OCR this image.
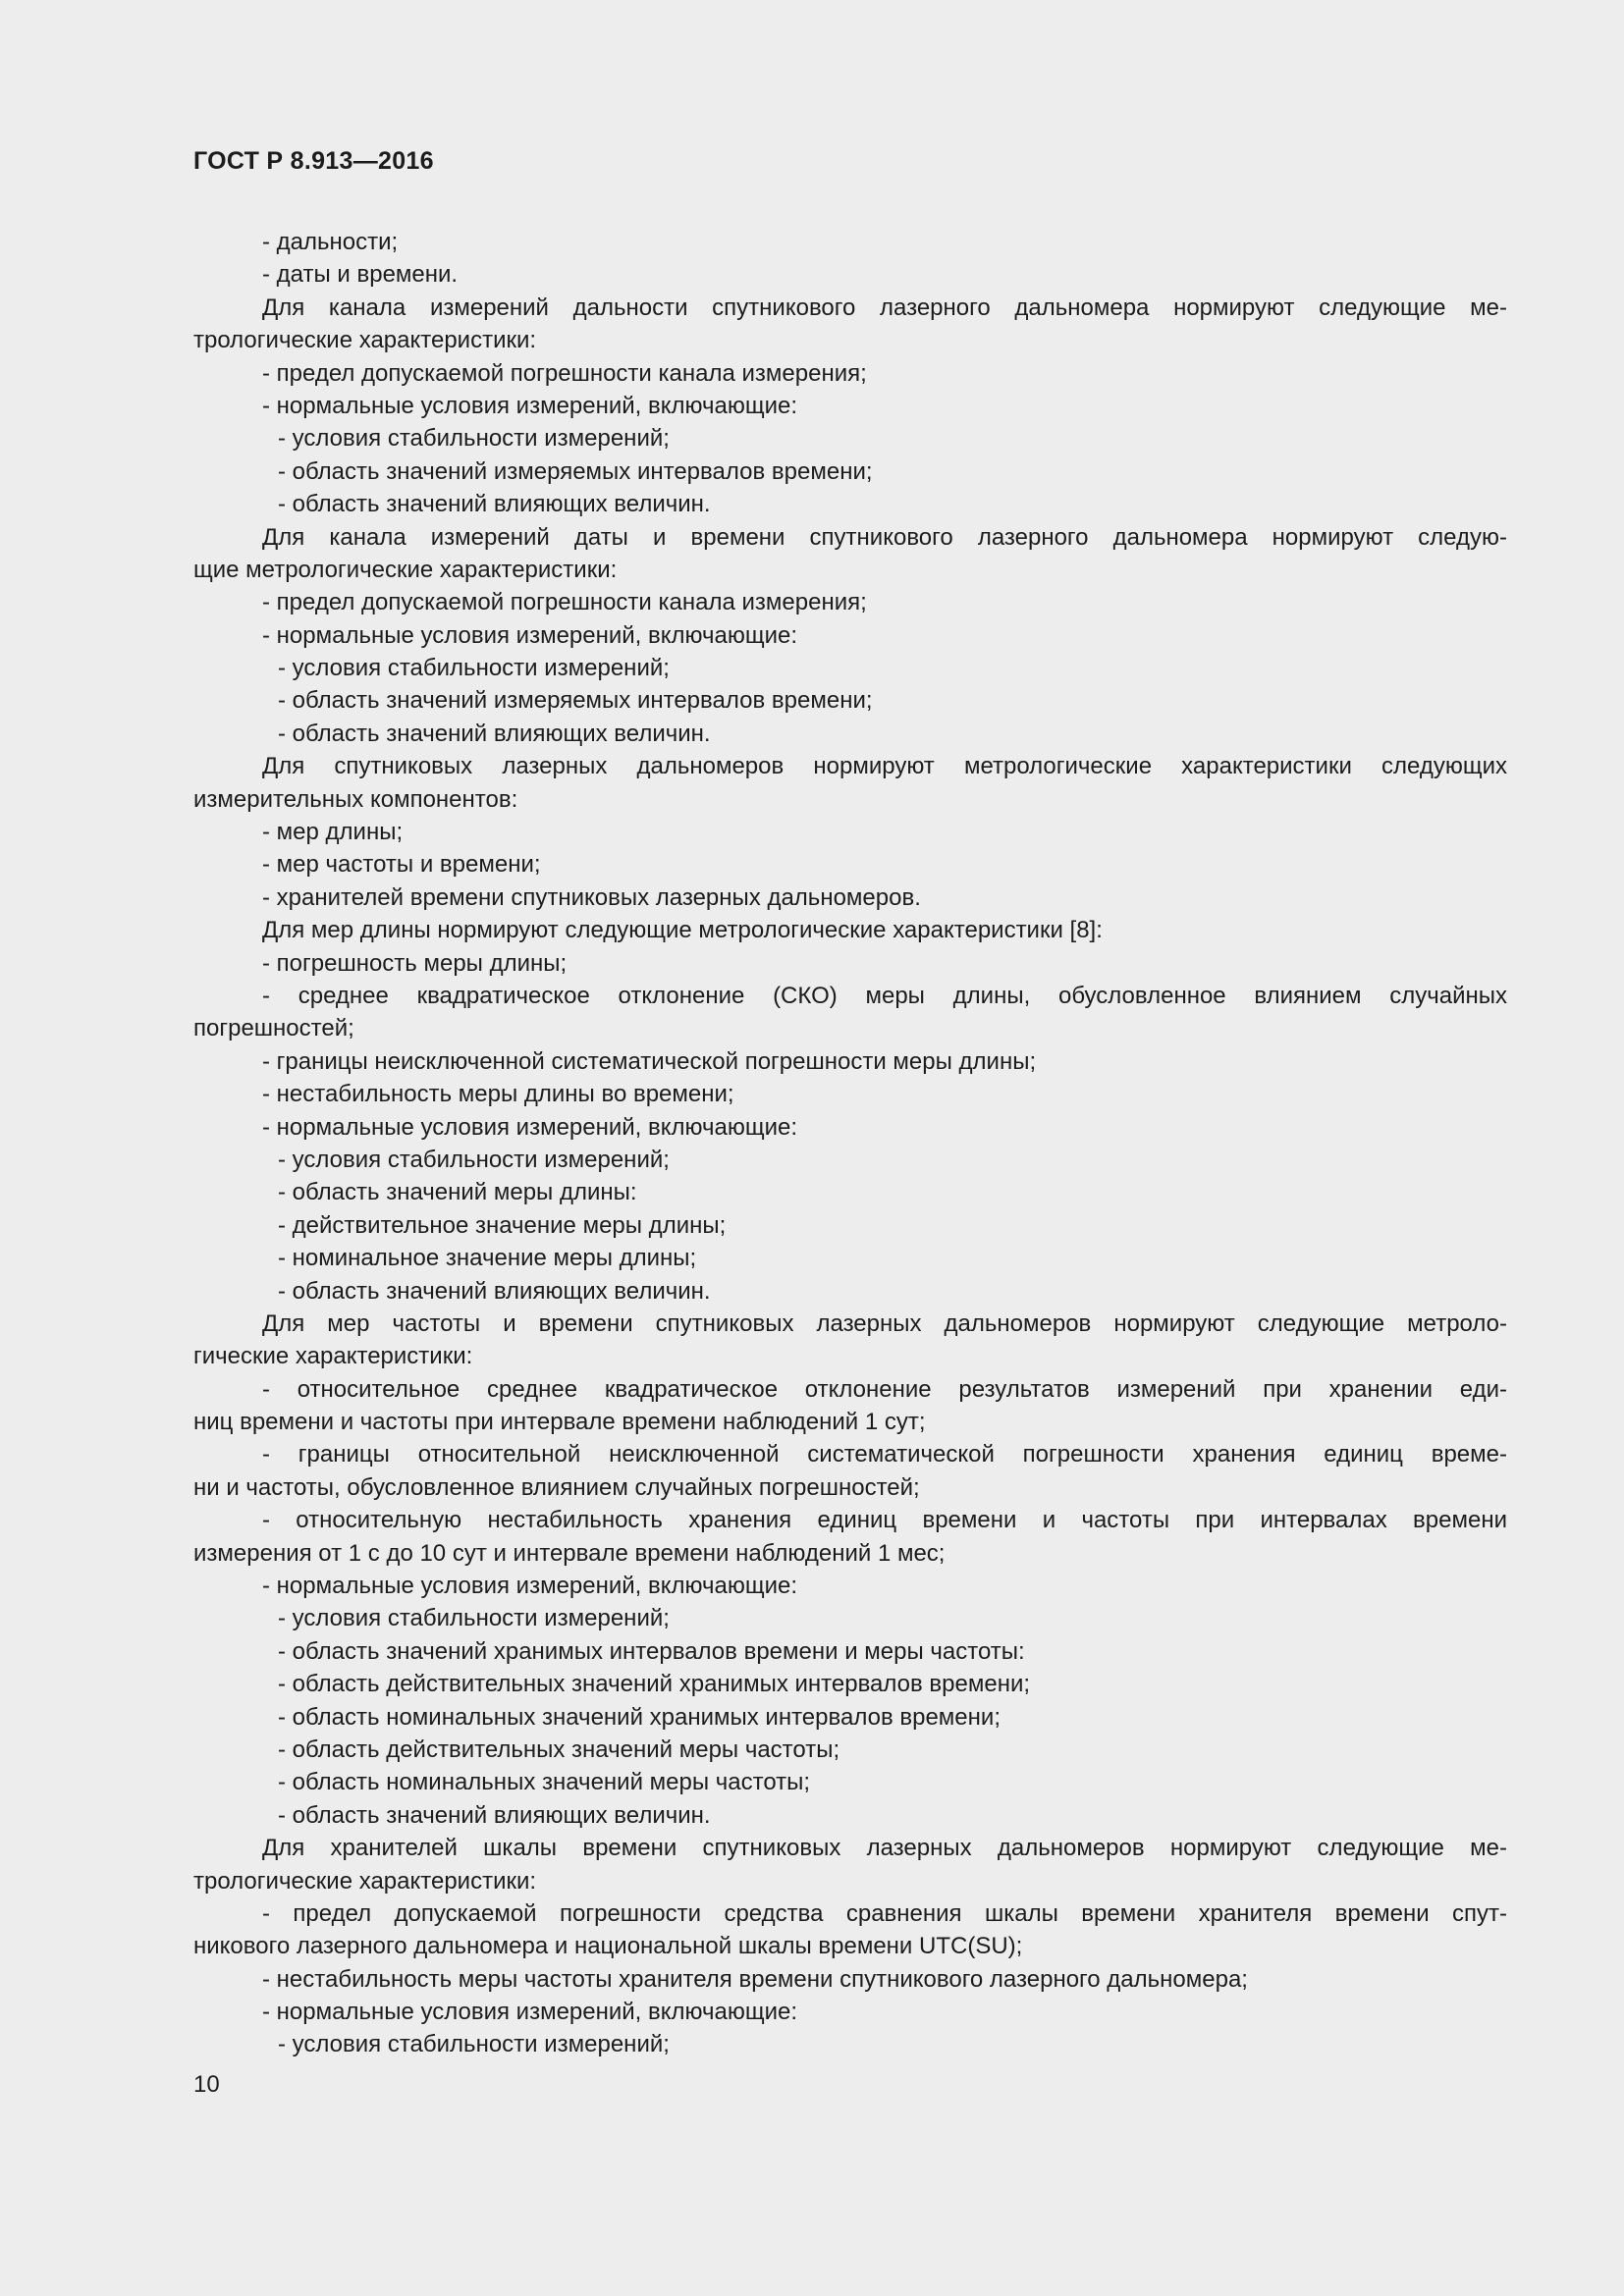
ГОСТ Р 8.913—2016
- дальности;
- даты и времени.
Для канала измерений дальности спутникового лазерного дальномера нормируют следующие ме-
трологические характеристики:
- предел допускаемой погрешности канала измерения;
- нормальные условия измерений, включающие:
- условия стабильности измерений;
- область значений измеряемых интервалов времени;
- область значений влияющих величин.
Для канала измерений даты и времени спутникового лазерного дальномера нормируют следую-
щие метрологические характеристики:
- предел допускаемой погрешности канала измерения;
- нормальные условия измерений, включающие:
- условия стабильности измерений;
- область значений измеряемых интервалов времени;
- область значений влияющих величин.
Для спутниковых лазерных дальномеров нормируют метрологические характеристики следующих
измерительных компонентов:
- мер длины;
- мер частоты и времени;
- хранителей времени спутниковых лазерных дальномеров.
Для мер длины нормируют следующие метрологические характеристики [8]:
- погрешность меры длины;
- среднее квадратическое отклонение (СКО) меры длины, обусловленное влиянием случайных
погрешностей;
- границы неисключенной систематической погрешности меры длины;
- нестабильность меры длины во времени;
- нормальные условия измерений, включающие:
- условия стабильности измерений;
- область значений меры длины:
- действительное значение меры длины;
- номинальное значение меры длины;
- область значений влияющих величин.
Для мер частоты и времени спутниковых лазерных дальномеров нормируют следующие метроло-
гические характеристики:
- относительное среднее квадратическое отклонение результатов измерений при хранении еди-
ниц времени и частоты при интервале времени наблюдений 1 сут;
- границы относительной неисключенной систематической погрешности хранения единиц време-
ни и частоты, обусловленное влиянием случайных погрешностей;
- относительную нестабильность хранения единиц времени и частоты при интервалах времени
измерения от 1 с до 10 сут и интервале времени наблюдений 1 мес;
- нормальные условия измерений, включающие:
- условия стабильности измерений;
- область значений хранимых интервалов времени и меры частоты:
- область действительных значений хранимых интервалов времени;
- область номинальных значений хранимых интервалов времени;
- область действительных значений меры частоты;
- область номинальных значений меры частоты;
- область значений влияющих величин.
Для хранителей шкалы времени спутниковых лазерных дальномеров нормируют следующие ме-
трологические характеристики:
- предел допускаемой погрешности средства сравнения шкалы времени хранителя времени спут-
никового лазерного дальномера и национальной шкалы времени UTC(SU);
- нестабильность меры частоты хранителя времени спутникового лазерного дальномера;
- нормальные условия измерений, включающие:
- условия стабильности измерений;
10
